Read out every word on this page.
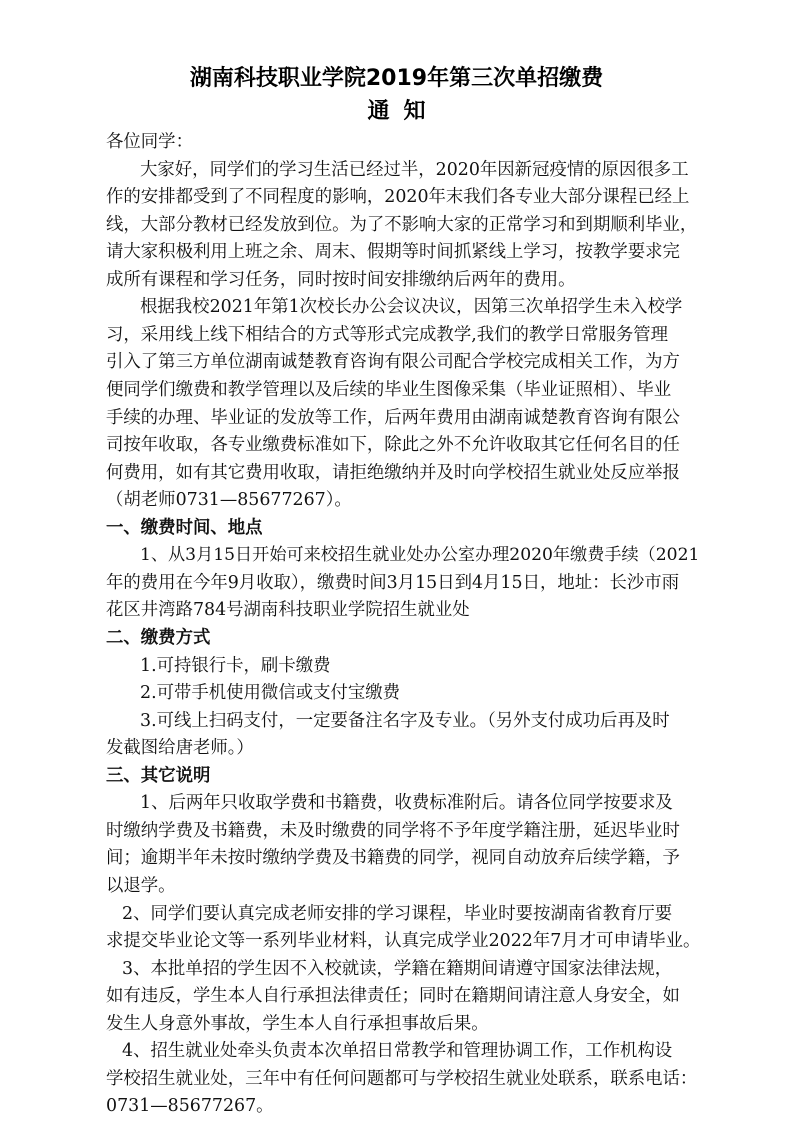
湖南科技职业学院2019年第三次单招缴费
通知
各位同学：
大家好，同学们的学习生活已经过半，2020年因新冠疫情的原因很多工
作的安排都受到了不同程度的影响，2020年末我们各专业大部分课程已经上
线，大部分教材已经发放到位。为了不影响大家的正常学习和到期顺利毕业，
请大家积极利用上班之余、周末、假期等时间抓紧线上学习，按教学要求完
成所有课程和学习任务，同时按时间安排缴纳后两年的费用。
根据我校2021年第1次校长办公会议决议，因第三次单招学生未入校学
习，采用线上线下相结合的方式等形式完成教学,我们的教学日常服务管理
引入了第三方单位湖南诚楚教育咨询有限公司配合学校完成相关工作，为方
便同学们缴费和教学管理以及后续的毕业生图像采集（毕业证照相）、毕业
手续的办理、毕业证的发放等工作，后两年费用由湖南诚楚教育咨询有限公
司按年收取，各专业缴费标准如下，除此之外不允许收取其它任何名目的任
何费用，如有其它费用收取，请拒绝缴纳并及时向学校招生就业处反应举报
（胡老师0731—85677267）。
一、缴费时间、地点
1、从3月15日开始可来校招生就业处办公室办理2020年缴费手续（2021
年的费用在今年9月收取），缴费时间3月15日到4月15日，地址：长沙市雨
花区井湾路784号湖南科技职业学院招生就业处
二、缴费方式
1.可持银行卡，刷卡缴费
2.可带手机使用微信或支付宝缴费
3.可线上扫码支付，一定要备注名字及专业。（另外支付成功后再及时
发截图给唐老师。）
三、其它说明
1、后两年只收取学费和书籍费，收费标准附后。请各位同学按要求及
时缴纳学费及书籍费，未及时缴费的同学将不予年度学籍注册，延迟毕业时
间；逾期半年未按时缴纳学费及书籍费的同学，视同自动放弃后续学籍，予
以退学。
2、同学们要认真完成老师安排的学习课程，毕业时要按湖南省教育厅要
求提交毕业论文等一系列毕业材料，认真完成学业2022年7月才可申请毕业。
3、本批单招的学生因不入校就读，学籍在籍期间请遵守国家法律法规，
如有违反，学生本人自行承担法律责任；同时在籍期间请注意人身安全，如
发生人身意外事故，学生本人自行承担事故后果。
4、招生就业处牵头负责本次单招日常教学和管理协调工作，工作机构设
学校招生就业处，三年中有任何问题都可与学校招生就业处联系，联系电话：
0731—85677267。
